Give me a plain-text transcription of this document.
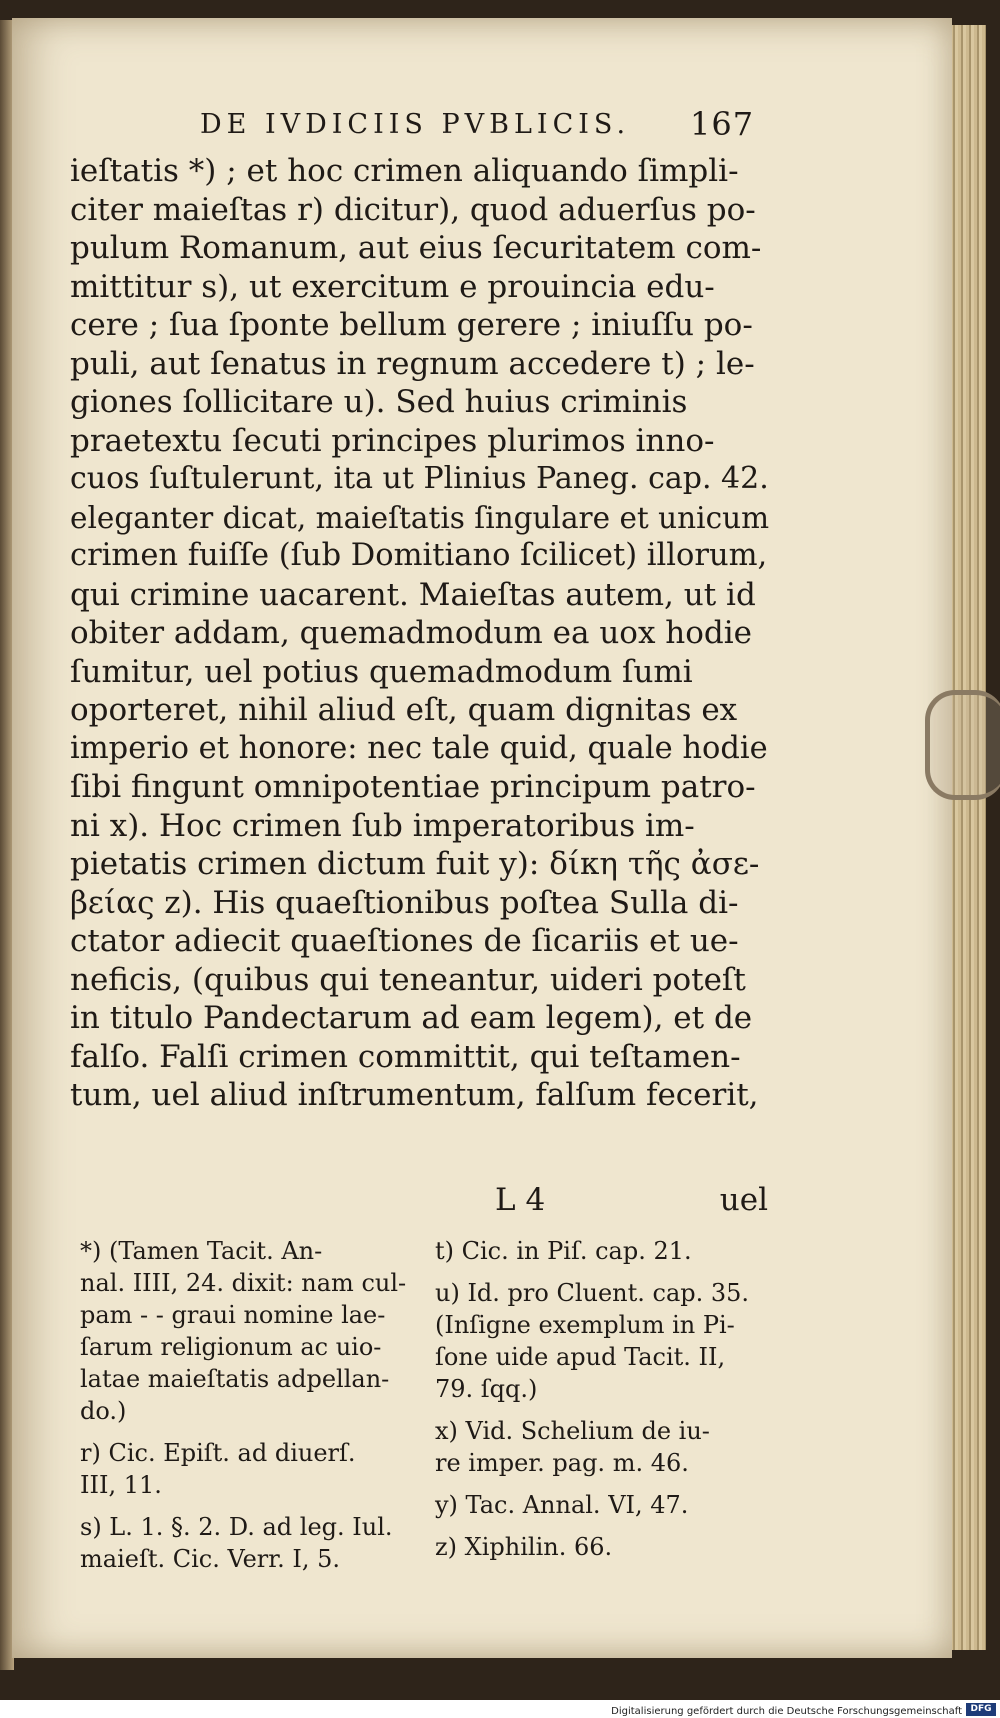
DE IVDICIIS PVBLICIS. 167
ieſtatis *) ; et hoc crimen aliquando ſimpli-
citer maieſtas r) dicitur), quod aduerſus po-
pulum Romanum, aut eius ſecuritatem com-
mittitur s), ut exercitum e prouincia edu-
cere ; ſua ſponte bellum gerere ; iniuſſu po-
puli, aut ſenatus in regnum accedere t) ; le-
giones ſollicitare u). Sed huius criminis
praetextu ſecuti principes plurimos inno-
cuos ſuſtulerunt, ita ut Plinius Paneg. cap. 42.
eleganter dicat, maieſtatis ſingulare et unicum
crimen fuiſſe (ſub Domitiano ſcilicet) illorum,
qui crimine uacarent. Maieſtas autem, ut id
obiter addam, quemadmodum ea uox hodie
ſumitur, uel potius quemadmodum ſumi
oporteret, nihil aliud eſt, quam dignitas ex
imperio et honore: nec tale quid, quale hodie
ſibi fingunt omnipotentiae principum patro-
ni x). Hoc crimen ſub imperatoribus im-
pietatis crimen dictum fuit y): δίκη τῆς ἀσε-
βείας z). His quaeſtionibus poſtea Sulla di-
ctator adiecit quaeſtiones de ſicariis et ue-
neficis, (quibus qui teneantur, uideri poteſt
in titulo Pandectarum ad eam legem), et de
falſo. Falſi crimen committit, qui teſtamen-
tum, uel aliud inſtrumentum, falſum fecerit,
L 4	uel
*) (Tamen Tacit. An-
nal. IIII, 24. dixit: nam cul-
pam - - graui nomine lae-
ſarum religionum ac uio-
latae maieſtatis adpellan-
do.)
r) Cic. Epiſt. ad diuerſ.
III, 11.
s) L. 1. §. 2. D. ad leg. Iul.
maieſt. Cic. Verr. I, 5.
t) Cic. in Piſ. cap. 21.
u) Id. pro Cluent. cap. 35.
(Inſigne exemplum in Pi-
ſone uide apud Tacit. II,
79. ſqq.)
x) Vid. Schelium de iu-
re imper. pag. m. 46.
y) Tac. Annal. VI, 47.
z) Xiphilin. 66.
Digitalisierung gefördert durch die Deutsche Forschungsgemeinschaft DFG
